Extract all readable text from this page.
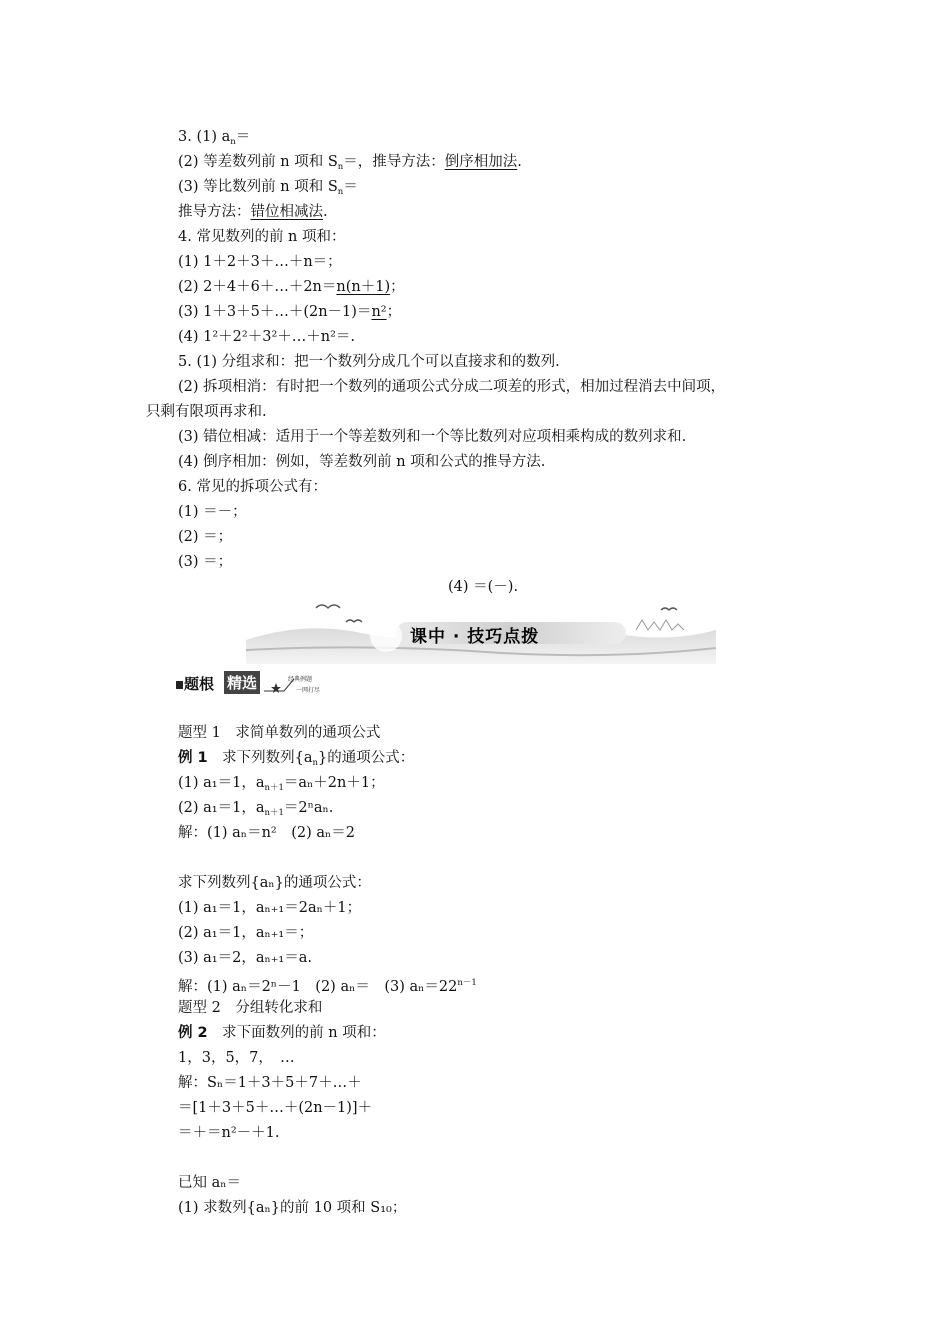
3. (1) $a_n=$
(2) 等差数列前 n 项和 $S_n=$，推导方法：倒序相加法.
(3) 等比数列前 n 项和 $S_n=$
推导方法：错位相减法.
4. 常见数列的前 n 项和：
(1) 1＋2＋3＋…＋n＝；
(2) 2＋4＋6＋…＋2n＝n(n＋1)；
(3) 1＋3＋5＋…＋(2n－1)＝n²；
(4) 1²＋2²＋3²＋…＋n²＝.
5. (1) 分组求和：把一个数列分成几个可以直接求和的数列.
(2) 拆项相消：有时把一个数列的通项公式分成二项差的形式，相加过程消去中间项，
只剩有限项再求和.
(3) 错位相减：适用于一个等差数列和一个等比数列对应项相乘构成的数列求和.
(4) 倒序相加：例如，等差数列前 n 项和公式的推导方法.
6. 常见的拆项公式有：
(1) ＝－；
(2) ＝；
(3) ＝；
(4) ＝(－).
课中 · 技巧点拨
题根 精选	经典例题
一网打尽
题型 1　求简单数列的通项公式
例 1　求下列数列$\{a_n\}$的通项公式：
(1) a₁＝1，$a_{n+1}=a_n+2n+1$；
(2) a₁＝1，$a_{n+1}=2^na_n$.
解：(1) aₙ＝n²　(2) aₙ＝2
求下列数列{aₙ}的通项公式：
(1) a₁＝1，aₙ₊₁＝2aₙ＋1；
(2) a₁＝1，aₙ₊₁＝；
(3) a₁＝2，aₙ₊₁＝a.
解：(1) aₙ＝2ⁿ－1　(2) aₙ＝　(3) $a_n=22^{n-1}$
题型 2　分组转化求和
例 2　求下面数列的前 n 项和：
1，3，5，7，　…
解：Sₙ＝1＋3＋5＋7＋…＋
＝[1＋3＋5＋…＋(2n－1)]＋
＝＋＝n²－＋1.
已知 aₙ＝
(1) 求数列{aₙ}的前 10 项和 S₁₀；
